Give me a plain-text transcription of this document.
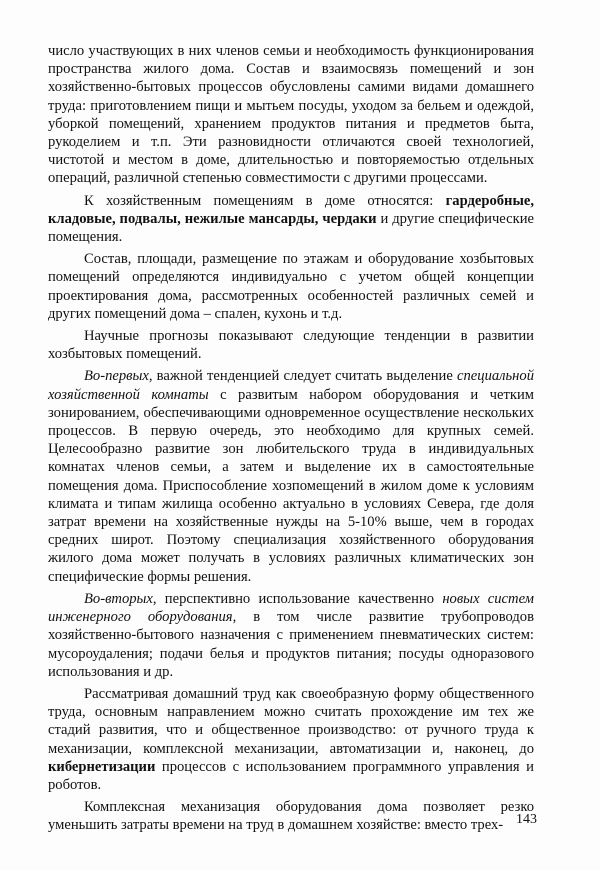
число участвующих в них членов семьи и необходимость функционирования пространства жилого дома. Состав и взаимосвязь помещений и зон хозяйственно-бытовых процессов обусловлены самими видами домашнего труда: приготовлением пищи и мытьем посуды, уходом за бельем и одеждой, уборкой помещений, хранением продуктов питания и предметов быта, рукоделием и т.п. Эти разновидности отличаются своей технологией, чистотой и местом в доме, длительностью и повторяемостью отдельных операций, различной степенью совместимости с другими процессами.

К хозяйственным помещениям в доме относятся: гардеробные, кладовые, подвалы, нежилые мансарды, чердаки и другие специфические помещения.

Состав, площади, размещение по этажам и оборудование хозбытовых помещений определяются индивидуально с учетом общей концепции проектирования дома, рассмотренных особенностей различных семей и других помещений дома – спален, кухонь и т.д.

Научные прогнозы показывают следующие тенденции в развитии хозбытовых помещений.

Во-первых, важной тенденцией следует считать выделение специальной хозяйственной комнаты с развитым набором оборудования и четким зонированием, обеспечивающими одновременное осуществление нескольких процессов. В первую очередь, это необходимо для крупных семей. Целесообразно развитие зон любительского труда в индивидуальных комнатах членов семьи, а затем и выделение их в самостоятельные помещения дома. Приспособление хозпомещений в жилом доме к условиям климата и типам жилища особенно актуально в условиях Севера, где доля затрат времени на хозяйственные нужды на 5-10% выше, чем в городах средних широт. Поэтому специализация хозяйственного оборудования жилого дома может получать в условиях различных климатических зон специфические формы решения.

Во-вторых, перспективно использование качественно новых систем инженерного оборудования, в том числе развитие трубопроводов хозяйственно-бытового назначения с применением пневматических систем: мусороудаления; подачи белья и продуктов питания; посуды одноразового использования и др.

Рассматривая домашний труд как своеобразную форму общественного труда, основным направлением можно считать прохождение им тех же стадий развития, что и общественное производство: от ручного труда к механизации, комплексной механизации, автоматизации и, наконец, до кибернетизации процессов с использованием программного управления и роботов.

Комплексная механизация оборудования дома позволяет резко уменьшить затраты времени на труд в домашнем хозяйстве: вместо трех- 143
